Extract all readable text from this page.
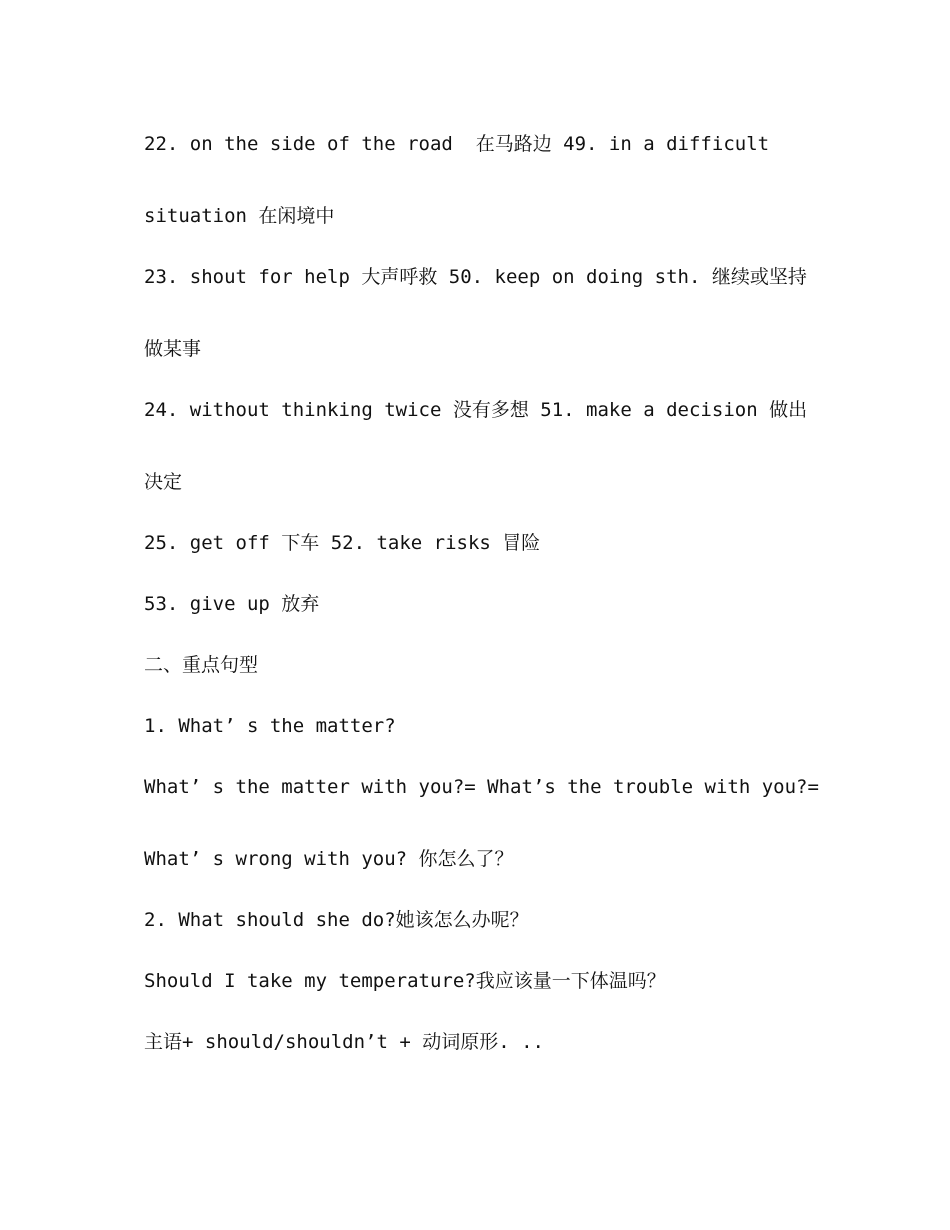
22. on the side of the road  在马路边 49. in a difficult
situation 在闲境中
23. shout for help 大声呼救 50. keep on doing sth. 继续或坚持
做某事
24. without thinking twice 没有多想 51. make a decision 做出
决定
25. get off 下车 52. take risks 冒险
53. give up 放弃
二、重点句型
1. What’ s the matter?
What’ s the matter with you?= What’s the trouble with you?=
What’ s wrong with you? 你怎么了？
2. What should she do?她该怎么办呢？
Should I take my temperature?我应该量一下体温吗？
主语+ should/shouldn’t + 动词原形. ..
